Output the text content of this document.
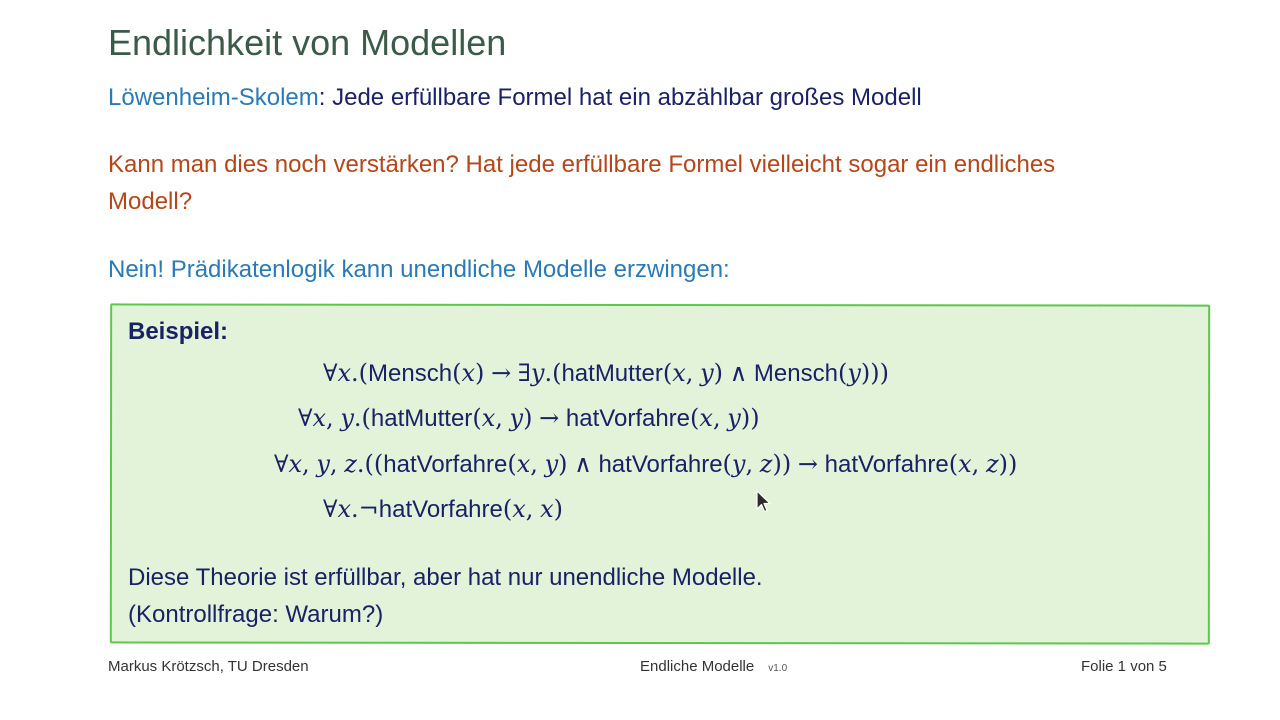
Endlichkeit von Modellen
Löwenheim-Skolem: Jede erfüllbare Formel hat ein abzählbar großes Modell
Kann man dies noch verstärken? Hat jede erfüllbare Formel vielleicht sogar ein endliches
Modell?
Nein! Prädikatenlogik kann unendliche Modelle erzwingen:
Beispiel:
∀x.(Mensch(x) → ∃y.(hatMutter(x, y) ∧ Mensch(y)))
∀x, y.(hatMutter(x, y) → hatVorfahre(x, y))
∀x, y, z.((hatVorfahre(x, y) ∧ hatVorfahre(y, z)) → hatVorfahre(x, z))
∀x.¬hatVorfahre(x, x)
Diese Theorie ist erfüllbar, aber hat nur unendliche Modelle.
(Kontrollfrage: Warum?)
Markus Krötzsch, TU Dresden	Endliche Modelle v1.0	Folie 1 von 5
